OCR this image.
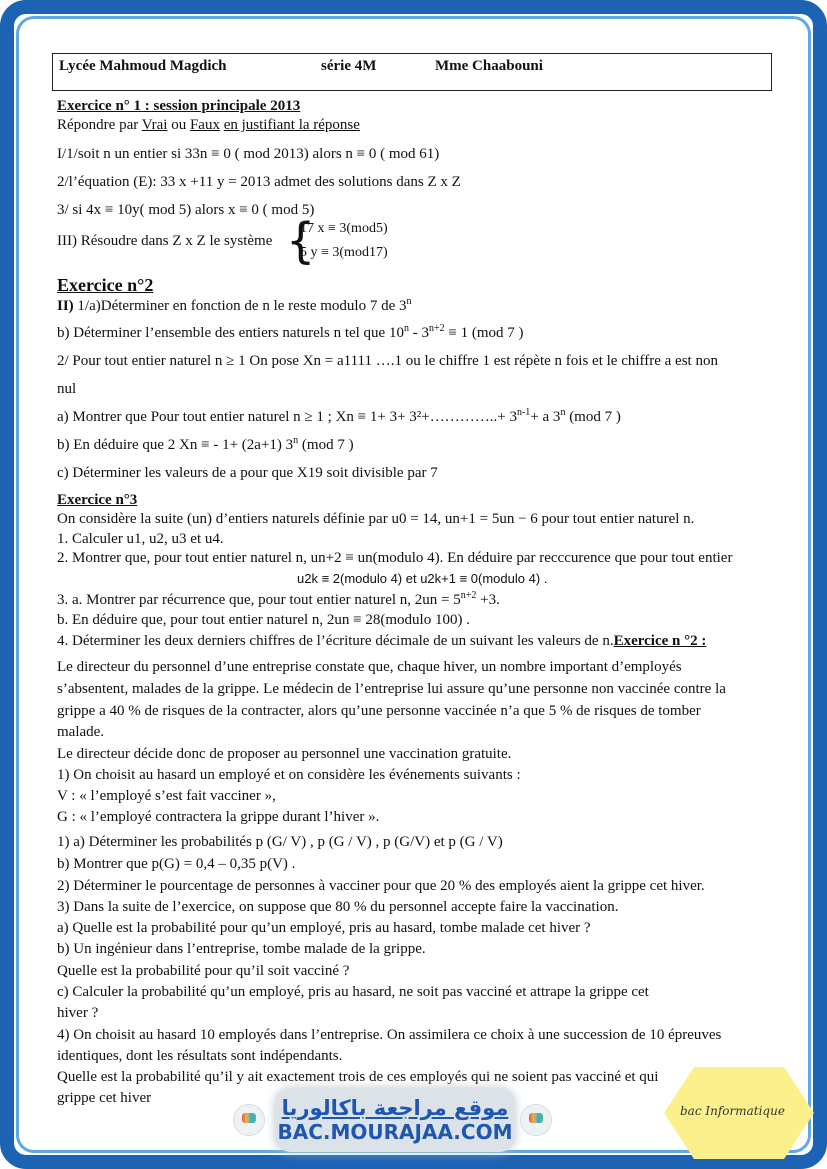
Lycée Mahmoud Magdich	série 4M	Mme Chaabouni
Exercice n° 1 : session principale 2013
Répondre par Vrai ou Faux en justifiant la réponse
I/1/soit n un entier si 33n ≡ 0 ( mod 2013) alors n ≡ 0 ( mod 61)
2/l’équation (E): 33 x +11 y = 2013 admet des solutions dans Z x Z
3/ si 4x ≡ 10y( mod 5) alors x ≡ 0 ( mod 5)
III) Résoudre dans Z x Z le système {
17 x ≡ 3(mod5)
5 y ≡ 3(mod17)
Exercice n°2
II) 1/a)Déterminer en fonction de n le reste modulo 7 de 3$^n$
b) Déterminer l’ensemble des entiers naturels n tel que $10^n - 3^{n+2} \equiv 1$ (mod 7 )
2/ Pour tout entier naturel n ≥ 1 On pose Xn = a1111 ….1 ou le chiffre 1 est répète n fois et le chiffre a est non
nul
a) Montrer que Pour tout entier naturel n ≥ 1 ; Xn ≡ 1+ 3+ 3²+…………..+ $3^{n-1}+ a$ 3$^n$ (mod 7 )
b) En déduire que 2 Xn ≡ - 1+ (2a+1) 3$^n$ (mod 7 )
c) Déterminer les valeurs de a pour que X19 soit divisible par 7
Exercice n°3
On considère la suite (un) d’entiers naturels définie par u0 = 14, un+1 = 5un − 6 pour tout entier naturel n.
1. Calculer u1, u2, u3 et u4.
2. Montrer que, pour tout entier naturel n, un+2 ≡ un(modulo 4). En déduire par recccurence que pour tout entier
u2k ≡ 2(modulo 4) et u2k+1 ≡ 0(modulo 4) .
3. a. Montrer par récurrence que, pour tout entier naturel n, $2un = 5^{n+2} +3$.
b. En déduire que, pour tout entier naturel n, 2un ≡ 28(modulo 100) .
4. Déterminer les deux derniers chiffres de l’écriture décimale de un suivant les valeurs de n.Exercice n °2 :
Le directeur du personnel d’une entreprise constate que, chaque hiver, un nombre important d’employés
s’absentent, malades de la grippe. Le médecin de l’entreprise lui assure qu’une personne non vaccinée contre la
grippe a 40 % de risques de la contracter, alors qu’une personne vaccinée n’a que 5 % de risques de tomber
malade.
Le directeur décide donc de proposer au personnel une vaccination gratuite.
1) On choisit au hasard un employé et on considère les événements suivants :
V : « l’employé s’est fait vacciner »,
G : « l’employé contractera la grippe durant l’hiver ».
1) a) Déterminer les probabilités p (G/ V) , p (G / V) , p (G/V) et p (G / V)
b) Montrer que p(G) = 0,4 – 0,35 p(V) .
2) Déterminer le pourcentage de personnes à vacciner pour que 20 % des employés aient la grippe cet hiver.
3) Dans la suite de l’exercice, on suppose que 80 % du personnel accepte faire la vaccination.
a) Quelle est la probabilité pour qu’un employé, pris au hasard, tombe malade cet hiver ?
b) Un ingénieur dans l’entreprise, tombe malade de la grippe.
Quelle est la probabilité pour qu’il soit vacciné ?
c) Calculer la probabilité qu’un employé, pris au hasard, ne soit pas vacciné et attrape la grippe cet
hiver ?
4) On choisit au hasard 10 employés dans l’entreprise. On assimilera ce choix à une succession de 10 épreuves
identiques, dont les résultats sont indépendants.
Quelle est la probabilité qu’il y ait exactement trois de ces employés qui ne soient pas vacciné et qui
grippe cet hiver
bac Informatique
موقع مراجعة باكالوريا
BAC.MOURAJAA.COM
